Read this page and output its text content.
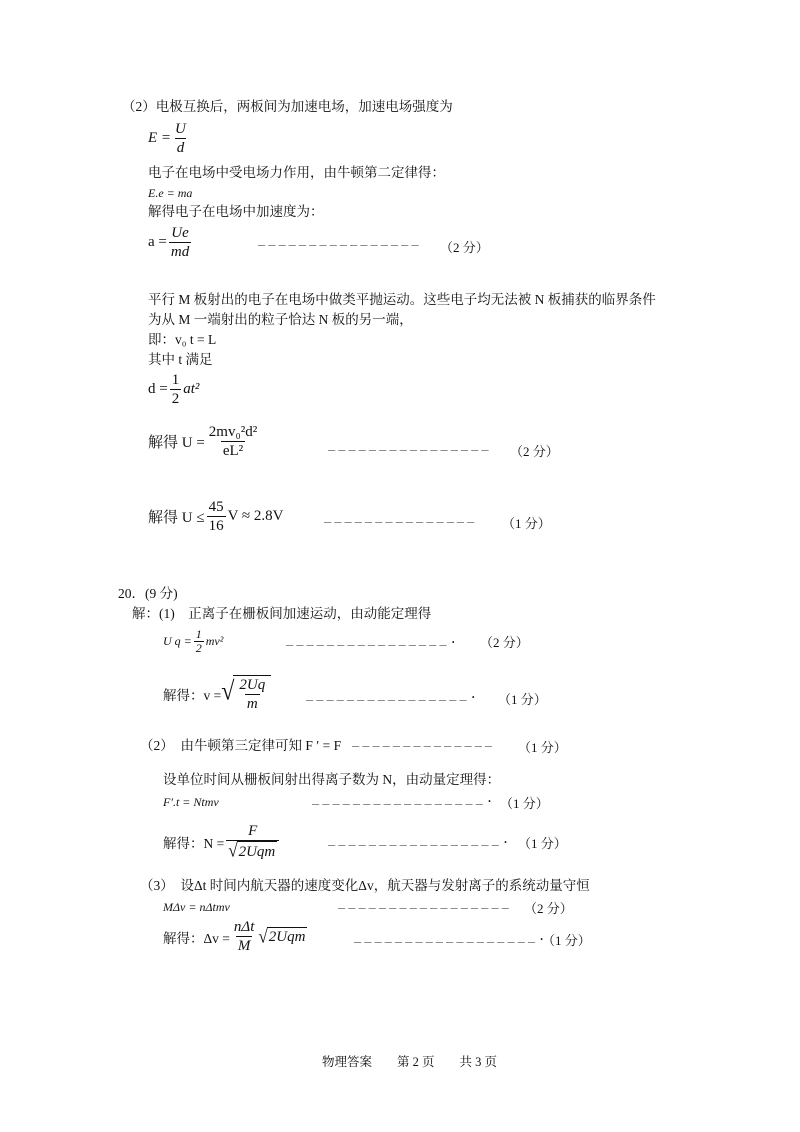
（2）电极互换后，两板间为加速电场，加速电场强度为
$E = \frac{U}{d}$
电子在电场中受电场力作用，由牛顿第二定律得：
E.e = ma
解得电子在电场中加速度为：
$a = \frac{Ue}{md}$	________________
（2 分）
平行 M 板射出的电子在电场中做类平抛运动。这些电子均无法被 N 板捕获的临界条件
为从 M 一端射出的粒子恰达 N 板的另一端，
即：v₀ t = L
其中 t 满足
$d = \frac{1}{2} at^2$
解得 $U = \frac{\text{2mv₀²d²}}{\text{eL²}}$	________________ （2 分）
解得 $U \le \frac{45}{16}$ V ≈ 2.8V	_______________ （1 分）
20．(9 分)
解：(1)　正离子在栅板间加速运动，由动能定理得
U $q = \frac{1}{2} mv^2$	________________. （2 分）
解得：v = √ $\frac{2Uq}{m}$	________________. （1 分）
（2）　由牛顿第三定律可知 F ′ = F ______________ （1 分）
设单位时间从栅板间射出得离子数为 N，由动量定理得：
F′.t = Ntmv	_________________. （1 分）
解得：$N = \frac{F}{\text{√ 2Uqm}}$	_________________. （1 分）
（3）　设Δt 时间内航天器的速度变化Δv，航天器与发射离子的系统动量守恒
MΔv = nΔtmv	_________________ （2 分）
解得：$\Delta v = \frac{\text{nΔt}}{M}$ √ 2Uqm	__________________.
（1 分）
物理答案　　第 2 页　　共 3 页
